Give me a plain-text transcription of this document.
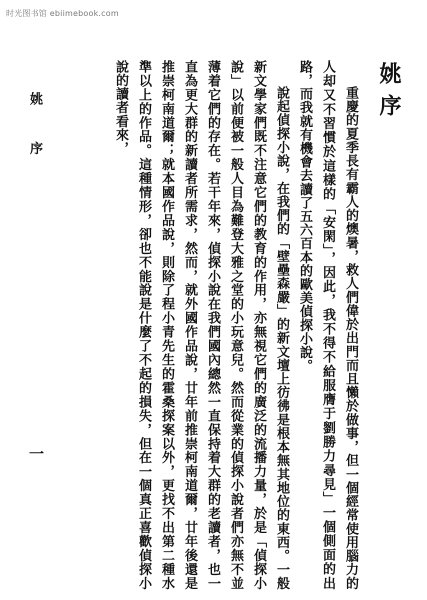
时光图书馆 ebiimebook.com
姚序

重慶的夏季長有霸人的燠暑，救人們偉於出門而且懶於做事，但一個經常使用腦力的人却又不習慣於這樣的「安閑」，因此，我不得不給服膺于劉勝力尋見」一個側面的出路，而我就有機會去讀了五六百本的歐美偵探小說。

說起偵探小說，在我們的「壁壘森嚴」的新文壇上彷彿是根本無其地位的東西。一般新文學家們既不注意它們的教育的作用，亦無視它們的廣泛的流播力量，於是「偵探小說」以前便被一般人目為難登大雅之堂的小玩意兒。然而從業的偵探小說者們亦無不並薄着它們的存在。若干年來，偵探小說在我們國內總然一直保持着大群的老讀者，也一直為更大群的新讀者所需求，然而，就外國作品說，廿年前推崇柯南道爾，廿年後還是推崇柯南道爾；就本國作品說，則除了程小青先生的霍桑探案以外，更找不出第二種水準以上的作品。這種情形，卻也不能說是什麼了不起的損失，但在一個真正喜歡偵探小說的讀者看來，

姚 序
一
